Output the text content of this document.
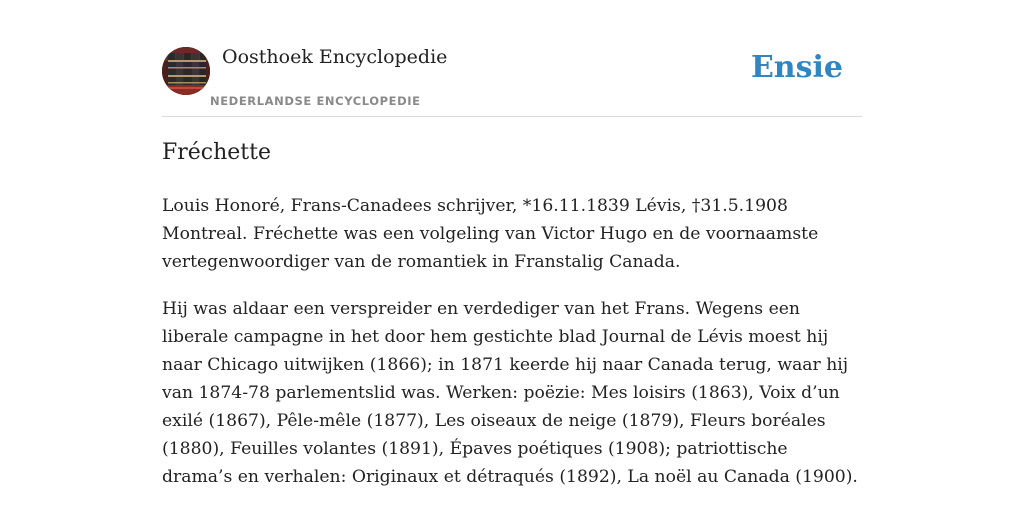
Oosthoek Encyclopedie
NEDERLANDSE ENCYCLOPEDIE
Ensie
Fréchette

Louis Honoré, Frans-Canadees schrijver, *16.11.1839 Lévis, †31.5.1908 Montreal. Fréchette was een volgeling van Victor Hugo en de voornaamste vertegenwoordiger van de romantiek in Franstalig Canada.

Hij was aldaar een verspreider en verdediger van het Frans. Wegens een liberale campagne in het door hem gestichte blad Journal de Lévis moest hij naar Chicago uitwijken (1866); in 1871 keerde hij naar Canada terug, waar hij van 1874-78 parlementslid was. Werken: poëzie: Mes loisirs (1863), Voix d’un exilé (1867), Pêle-mêle (1877), Les oiseaux de neige (1879), Fleurs boréales (1880), Feuilles volantes (1891), Épaves poétiques (1908); patriottische drama’s en verhalen: Originaux et détraqués (1892), La noël au Canada (1900).
